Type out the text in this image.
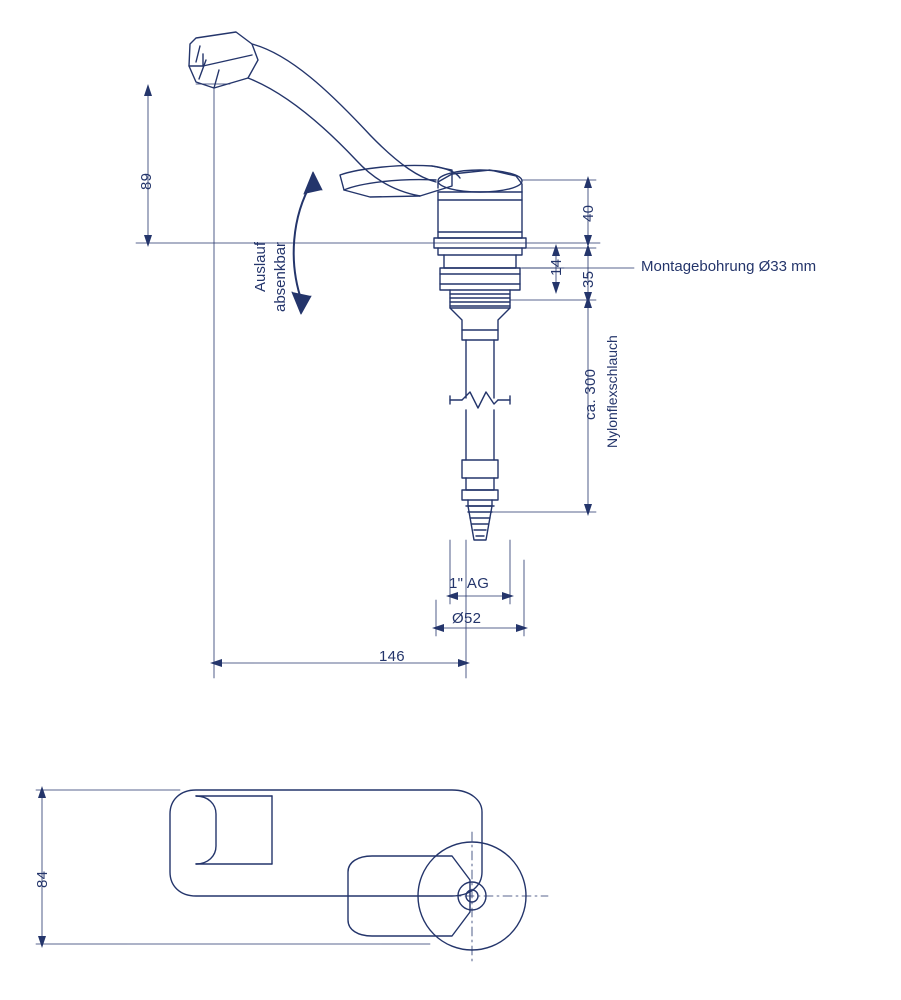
89
40
14
35
ca. 300
1" AG
Ø52
146
84
Montagebohrung Ø33 mm
Auslauf absenkbar
Nylonflexschlauch
